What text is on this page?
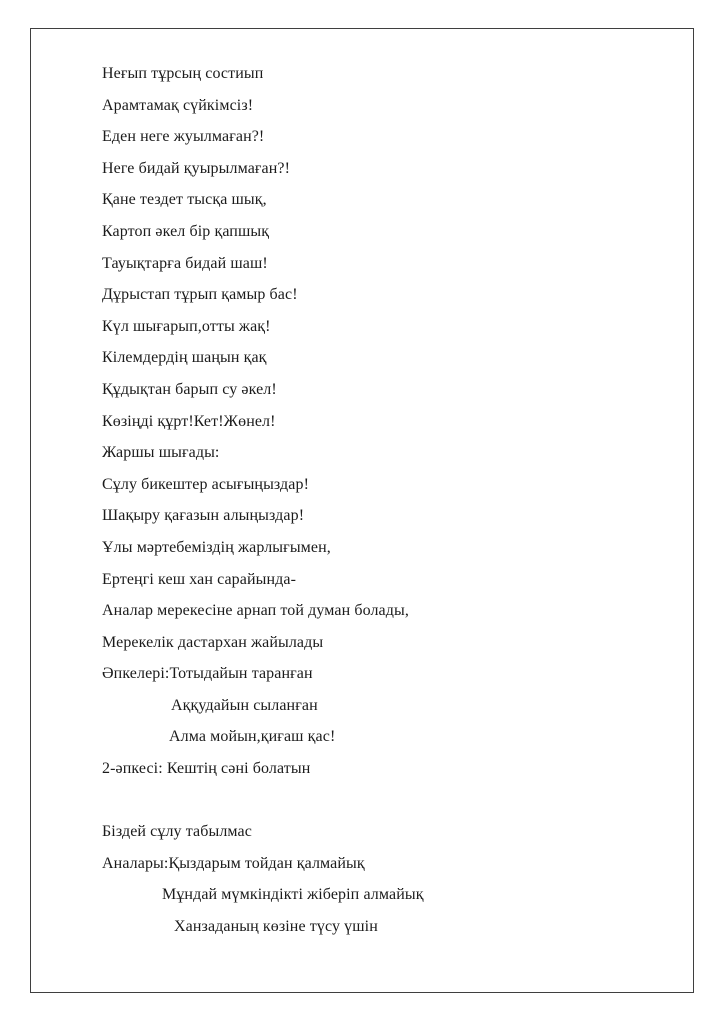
Неғып тұрсың состиып

Арамтамақ сүйкімсіз!

Еден неге жуылмаған?!

Неге бидай қуырылмаған?!

Қане тездет тысқа шық,

Картоп әкел бір қапшық

Тауықтарға бидай шаш!

Дұрыстап тұрып қамыр бас!

Күл шығарып,отты жақ!

Кілемдердің шаңын қақ

Құдықтан барып су әкел!

Көзіңді құрт!Кет!Жөнел!

Жаршы шығады:

Сұлу бикештер асығыңыздар!

Шақыру қағазын алыңыздар!

Ұлы мәртебеміздің жарлығымен,

Ертеңгі кеш хан сарайында-

Аналар мерекесіне арнап той думан болады,

Мерекелік дастархан жайылады

Әпкелері:Тотыдайын таранған

Аққудайын сыланған

Алма мойын,қиғаш қас!

2-әпкесі: Кештің сәні болатын

Біздей сұлу табылмас

Аналары:Қыздарым тойдан қалмайық

Мұндай мүмкіндікті жіберіп алмайық

Ханзаданың көзіне түсу үшін
